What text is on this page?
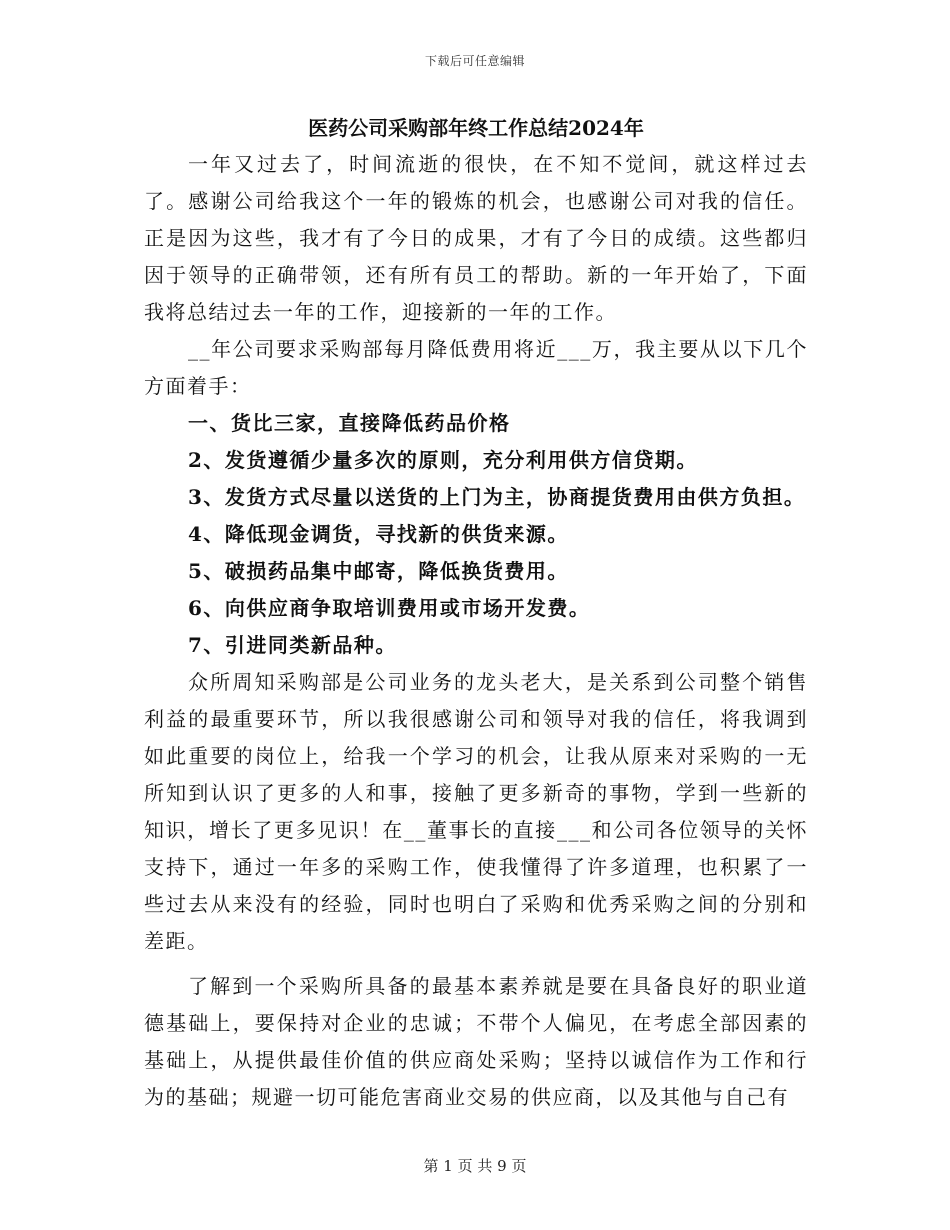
下载后可任意编辑
医药公司采购部年终工作总结2024年

一年又过去了，时间流逝的很快，在不知不觉间，就这样过去了。感谢公司给我这个一年的锻炼的机会，也感谢公司对我的信任。正是因为这些，我才有了今日的成果，才有了今日的成绩。这些都归因于领导的正确带领，还有所有员工的帮助。新的一年开始了，下面我将总结过去一年的工作，迎接新的一年的工作。

__年公司要求采购部每月降低费用将近___万，我主要从以下几个方面着手：

一、货比三家，直接降低药品价格
2、发货遵循少量多次的原则，充分利用供方信贷期。
3、发货方式尽量以送货的上门为主，协商提货费用由供方负担。
4、降低现金调货，寻找新的供货来源。
5、破损药品集中邮寄，降低换货费用。
6、向供应商争取培训费用或市场开发费。
7、引进同类新品种。

众所周知采购部是公司业务的龙头老大，是关系到公司整个销售利益的最重要环节，所以我很感谢公司和领导对我的信任，将我调到如此重要的岗位上，给我一个学习的机会，让我从原来对采购的一无所知到认识了更多的人和事，接触了更多新奇的事物，学到一些新的知识，增长了更多见识！在__董事长的直接___和公司各位领导的关怀支持下，通过一年多的采购工作，使我懂得了许多道理，也积累了一些过去从来没有的经验，同时也明白了采购和优秀采购之间的分别和差距。

了解到一个采购所具备的最基本素养就是要在具备良好的职业道德基础上，要保持对企业的忠诚；不带个人偏见，在考虑全部因素的基础上，从提供最佳价值的供应商处采购；坚持以诚信作为工作和行为的基础；规避一切可能危害商业交易的供应商，以及其他与自己有

第 1 页 共 9 页
